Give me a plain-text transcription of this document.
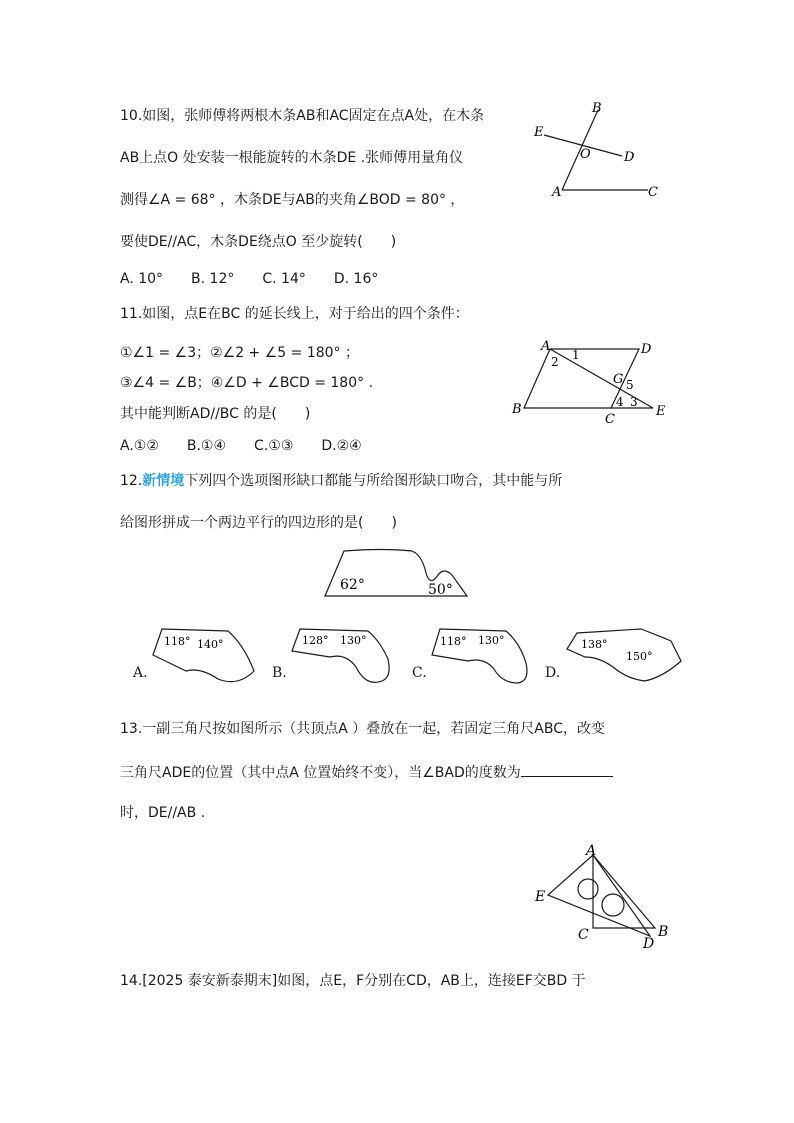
10.如图，张师傅将两根木条AB和AC固定在点A处，在木条
AB上点O 处安装一根能旋转的木条DE .张师傅用量角仪
测得∠A = 68° ，木条DE与AB的夹角∠BOD = 80° ，
要使DE//AC，木条DE绕点O 至少旋转(　　)
A. 10°　　B. 12°　　C. 14°　　D. 16°
B
E
O	D
A	C
11.如图，点E在BC 的延长线上，对于给出的四个条件：
①∠1 = ∠3；②∠2 + ∠5 = 180° ；
③∠4 = ∠B；④∠D + ∠BCD = 180° .
其中能判断AD//BC 的是(　　)
A.①②　　B.①④　　C.①③　　D.②④
A	D
B
C
E
G
1
2
3
4
5
12.新情境下列四个选项图形缺口都能与所给图形缺口吻合，其中能与所
给图形拼成一个两边平行的四边形的是(　　)
62°	50°
118° 140°
A.
128° 130°
B.
118° 130°
C.
138°
150°
D.
13.一副三角尺按如图所示（共顶点A ）叠放在一起，若固定三角尺ABC，改变
三角尺ADE的位置（其中点A 位置始终不变），当∠BAD的度数为
时，DE//AB .
A
E
C
D
B
14.[2025 泰安新泰期末]如图，点E，F分别在CD，AB上，连接EF交BD 于
